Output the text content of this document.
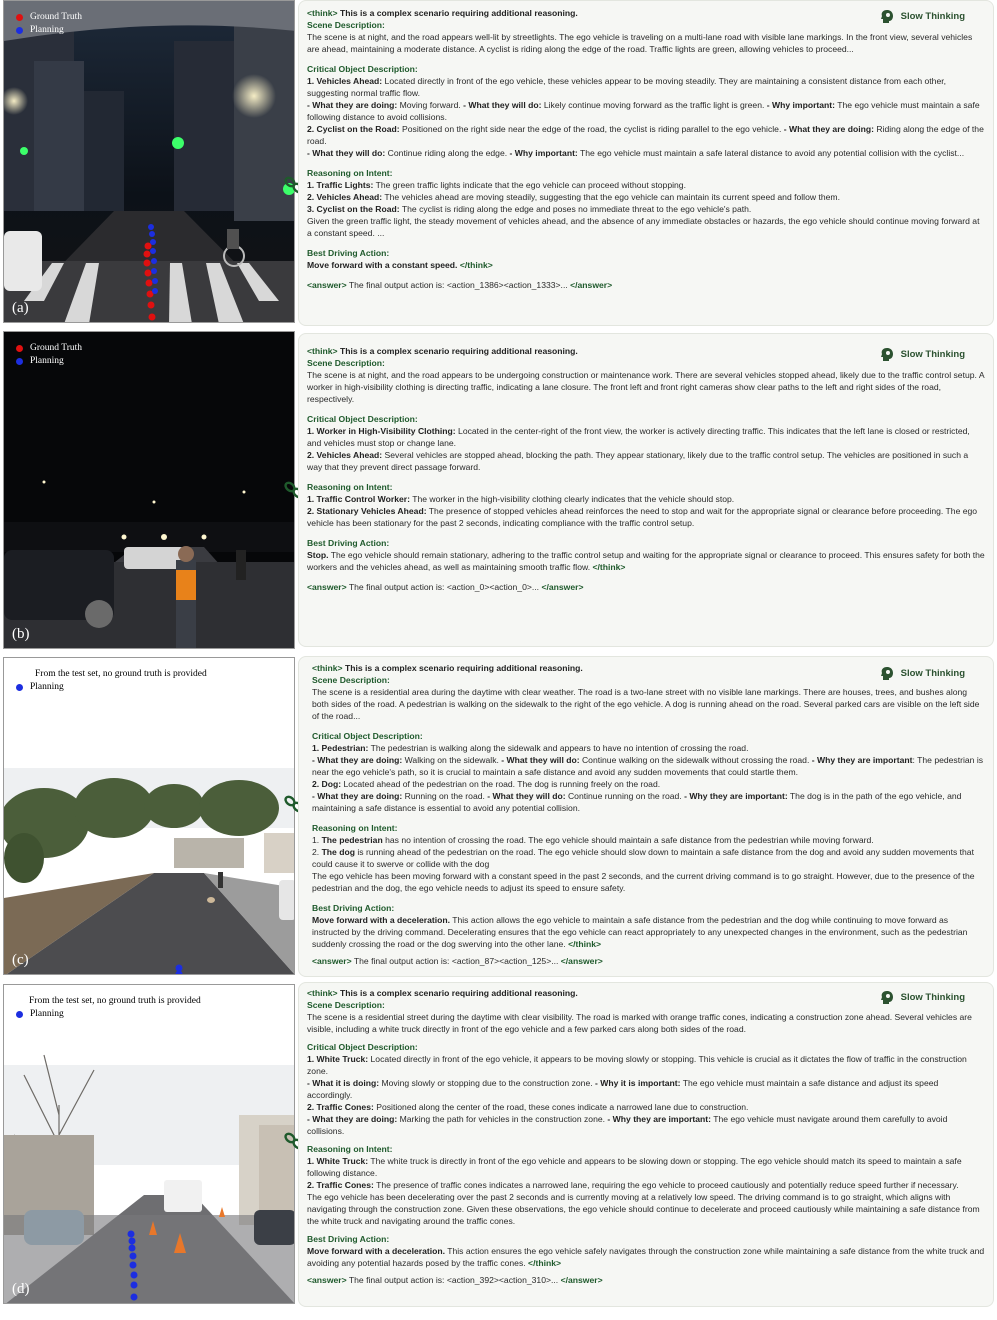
Ground Truth
Planning
(a)
Slow Thinking

<think> This is a complex scenario requiring additional reasoning.

Scene Description:

The scene is at night, and the road appears well-lit by streetlights. The ego vehicle is traveling on a multi-lane road with visible lane markings. In the front view, several vehicles are ahead, maintaining a moderate distance. A cyclist is riding along the edge of the road. Traffic lights are green, allowing vehicles to proceed...

Critical Object Description:

1. Vehicles Ahead: Located directly in front of the ego vehicle, these vehicles appear to be moving steadily. They are maintaining a consistent distance from each other, suggesting normal traffic flow.

- What they are doing: Moving forward. - What they will do: Likely continue moving forward as the traffic light is green. - Why important: The ego vehicle must maintain a safe following distance to avoid collisions.

2. Cyclist on the Road: Positioned on the right side near the edge of the road, the cyclist is riding parallel to the ego vehicle. - What they are doing: Riding along the edge of the road.

- What they will do: Continue riding along the edge. - Why important: The ego vehicle must maintain a safe lateral distance to avoid any potential collision with the cyclist...

Reasoning on Intent:

1. Traffic Lights: The green traffic lights indicate that the ego vehicle can proceed without stopping.

2. Vehicles Ahead: The vehicles ahead are moving steadily, suggesting that the ego vehicle can maintain its current speed and follow them.

3. Cyclist on the Road: The cyclist is riding along the edge and poses no immediate threat to the ego vehicle's path.

Given the green traffic light, the steady movement of vehicles ahead, and the absence of any immediate obstacles or hazards, the ego vehicle should continue moving forward at a constant speed. ...

Best Driving Action:

Move forward with a constant speed. </think>

<answer> The final output action is: <action_1386><action_1333>... </answer>

Ground Truth
Planning
(b)
Slow Thinking

<think> This is a complex scenario requiring additional reasoning.

Scene Description:

The scene is at night, and the road appears to be undergoing construction or maintenance work. There are several vehicles stopped ahead, likely due to the traffic control setup. A worker in high-visibility clothing is directing traffic, indicating a lane closure. The front left and front right cameras show clear paths to the left and right sides of the road, respectively.

Critical Object Description:

1. Worker in High-Visibility Clothing: Located in the center-right of the front view, the worker is actively directing traffic. This indicates that the left lane is closed or restricted, and vehicles must stop or change lane.

2. Vehicles Ahead: Several vehicles are stopped ahead, blocking the path. They appear stationary, likely due to the traffic control setup. The vehicles are positioned in such a way that they prevent direct passage forward.

Reasoning on Intent:

1. Traffic Control Worker: The worker in the high-visibility clothing clearly indicates that the vehicle should stop.

2. Stationary Vehicles Ahead: The presence of stopped vehicles ahead reinforces the need to stop and wait for the appropriate signal or clearance before proceeding. The ego vehicle has been stationary for the past 2 seconds, indicating compliance with the traffic control setup.

Best Driving Action:

Stop. The ego vehicle should remain stationary, adhering to the traffic control setup and waiting for the appropriate signal or clearance to proceed. This ensures safety for both the workers and the vehicles ahead, as well as maintaining smooth traffic flow. </think>

<answer> The final output action is: <action_0><action_0>... </answer>

From the test set, no ground truth is provided
Planning
(c)
Slow Thinking

<think> This is a complex scenario requiring additional reasoning.

Scene Description:

The scene is a residential area during the daytime with clear weather. The road is a two-lane street with no visible lane markings. There are houses, trees, and bushes along both sides of the road. A pedestrian is walking on the sidewalk to the right of the ego vehicle. A dog is running ahead on the road. Several parked cars are visible on the left side of the road...

Critical Object Description:

1. Pedestrian: The pedestrian is walking along the sidewalk and appears to have no intention of crossing the road.

- What they are doing: Walking on the sidewalk. - What they will do: Continue walking on the sidewalk without crossing the road. - Why they are important: The pedestrian is near the ego vehicle's path, so it is crucial to maintain a safe distance and avoid any sudden movements that could startle them.

2. Dog: Located ahead of the pedestrian on the road. The dog is running freely on the road.

- What they are doing: Running on the road. - What they will do: Continue running on the road. - Why they are important: The dog is in the path of the ego vehicle, and maintaining a safe distance is essential to avoid any potential collision.

Reasoning on Intent:

1. The pedestrian has no intention of crossing the road. The ego vehicle should maintain a safe distance from the pedestrian while moving forward.

2. The dog is running ahead of the pedestrian on the road. The ego vehicle should slow down to maintain a safe distance from the dog and avoid any sudden movements that could cause it to swerve or collide with the dog

The ego vehicle has been moving forward with a constant speed in the past 2 seconds, and the current driving command is to go straight. However, due to the presence of the pedestrian and the dog, the ego vehicle needs to adjust its speed to ensure safety.

Best Driving Action:

Move forward with a deceleration. This action allows the ego vehicle to maintain a safe distance from the pedestrian and the dog while continuing to move forward as instructed by the driving command. Decelerating ensures that the ego vehicle can react appropriately to any unexpected changes in the environment, such as the pedestrian suddenly crossing the road or the dog swerving into the other lane. </think>

<answer> The final output action is: <action_87><action_125>... </answer>

From the test set, no ground truth is provided
Planning
(d)
Slow Thinking

<think> This is a complex scenario requiring additional reasoning.

Scene Description:

The scene is a residential street during the daytime with clear visibility. The road is marked with orange traffic cones, indicating a construction zone ahead. Several vehicles are visible, including a white truck directly in front of the ego vehicle and a few parked cars along both sides of the road.

Critical Object Description:

1. White Truck: Located directly in front of the ego vehicle, it appears to be moving slowly or stopping. This vehicle is crucial as it dictates the flow of traffic in the construction zone.

- What it is doing: Moving slowly or stopping due to the construction zone. - Why it is important: The ego vehicle must maintain a safe distance and adjust its speed accordingly.

2. Traffic Cones: Positioned along the center of the road, these cones indicate a narrowed lane due to construction.

- What they are doing: Marking the path for vehicles in the construction zone. - Why they are important: The ego vehicle must navigate around them carefully to avoid collisions.

Reasoning on Intent:

1. White Truck: The white truck is directly in front of the ego vehicle and appears to be slowing down or stopping. The ego vehicle should match its speed to maintain a safe following distance.

2. Traffic Cones: The presence of traffic cones indicates a narrowed lane, requiring the ego vehicle to proceed cautiously and potentially reduce speed further if necessary.

The ego vehicle has been decelerating over the past 2 seconds and is currently moving at a relatively low speed. The driving command is to go straight, which aligns with navigating through the construction zone. Given these observations, the ego vehicle should continue to decelerate and proceed cautiously while maintaining a safe distance from the white truck and navigating around the traffic cones.

Best Driving Action:

Move forward with a deceleration. This action ensures the ego vehicle safely navigates through the construction zone while maintaining a safe distance from the white truck and avoiding any potential hazards posed by the traffic cones. </think>

<answer> The final output action is: <action_392><action_310>... </answer>
